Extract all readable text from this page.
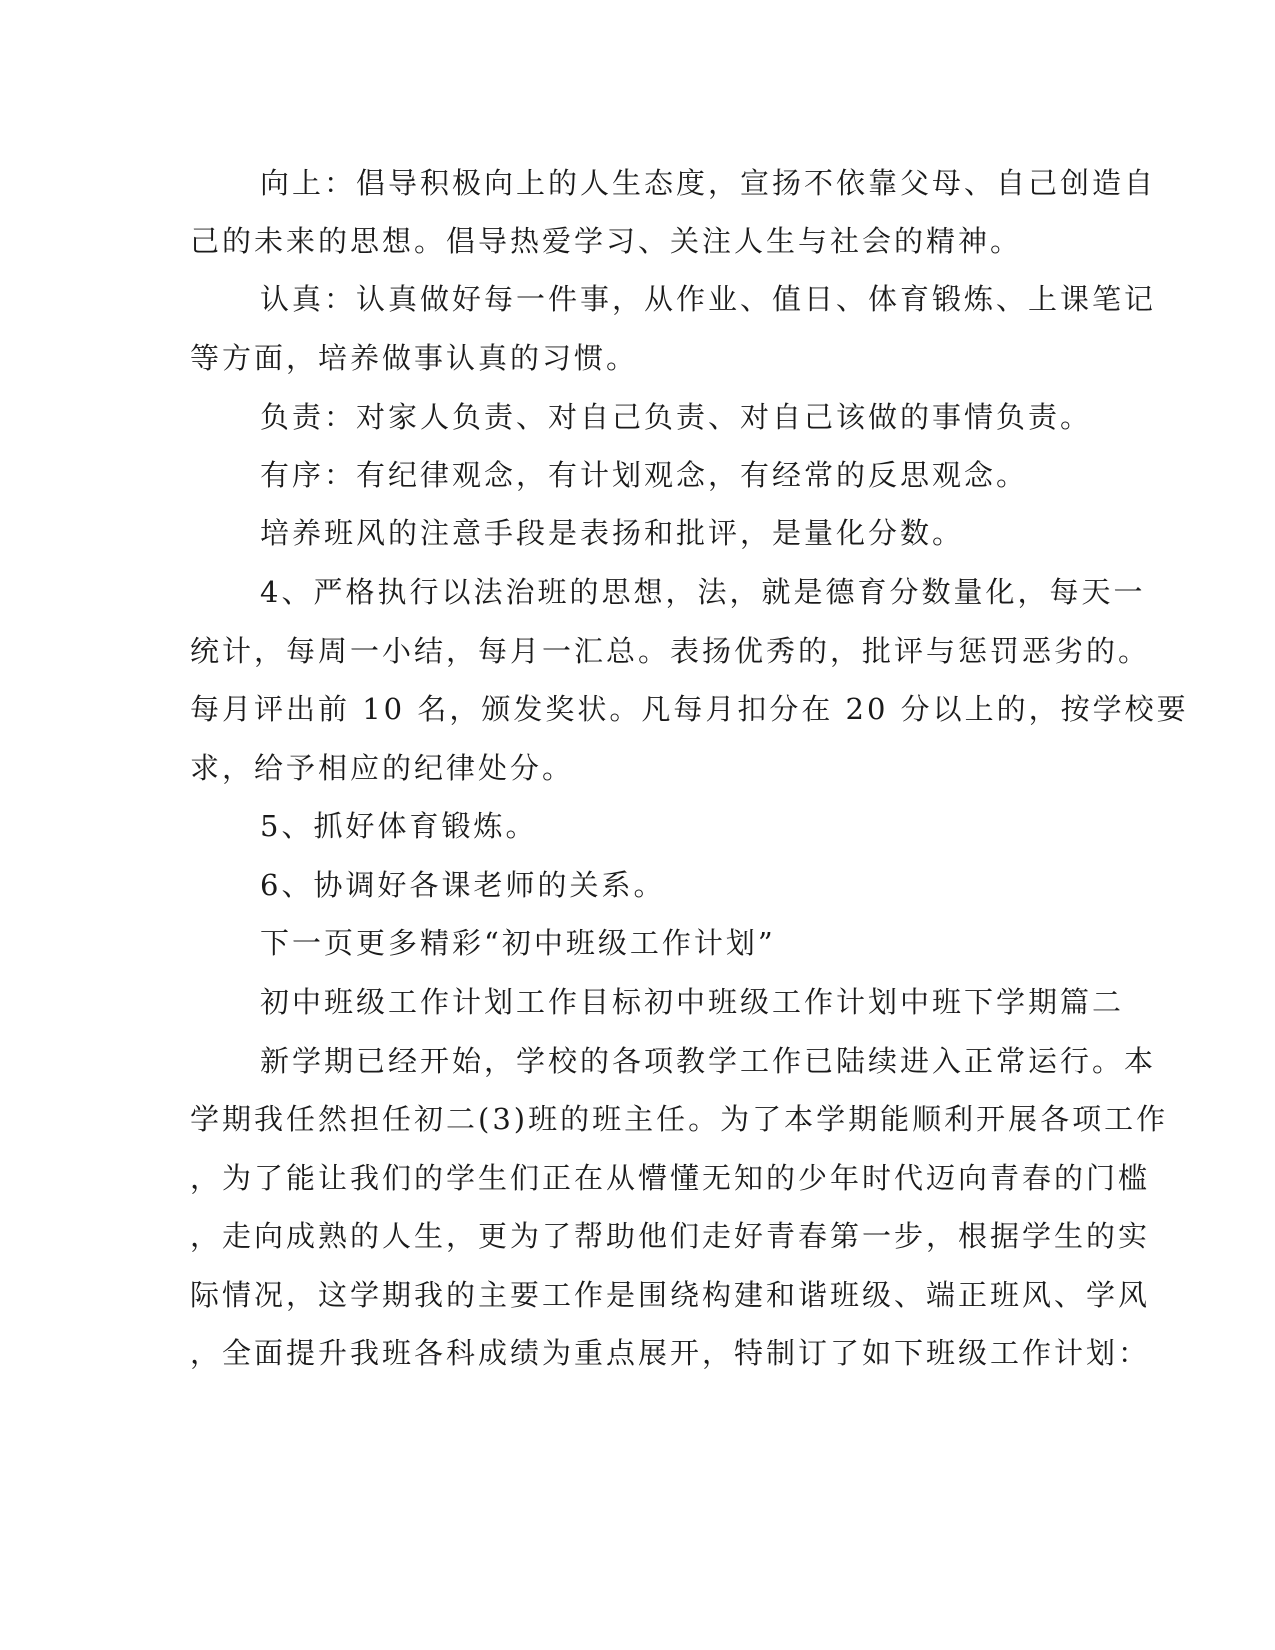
向上：倡导积极向上的人生态度，宣扬不依靠父母、自己创造自
己的未来的思想。倡导热爱学习、关注人生与社会的精神。
认真：认真做好每一件事，从作业、值日、体育锻炼、上课笔记
等方面，培养做事认真的习惯。
负责：对家人负责、对自己负责、对自己该做的事情负责。
有序：有纪律观念，有计划观念，有经常的反思观念。
培养班风的注意手段是表扬和批评，是量化分数。
4、严格执行以法治班的思想，法，就是德育分数量化，每天一
统计，每周一小结，每月一汇总。表扬优秀的，批评与惩罚恶劣的。
每月评出前 10 名，颁发奖状。凡每月扣分在 20 分以上的，按学校要
求，给予相应的纪律处分。
5、抓好体育锻炼。
6、协调好各课老师的关系。
下一页更多精彩“初中班级工作计划”
初中班级工作计划工作目标初中班级工作计划中班下学期篇二
新学期已经开始，学校的各项教学工作已陆续进入正常运行。本
学期我任然担任初二(3)班的班主任。为了本学期能顺利开展各项工作
，为了能让我们的学生们正在从懵懂无知的少年时代迈向青春的门槛
，走向成熟的人生，更为了帮助他们走好青春第一步，根据学生的实
际情况，这学期我的主要工作是围绕构建和谐班级、端正班风、学风
，全面提升我班各科成绩为重点展开，特制订了如下班级工作计划：
